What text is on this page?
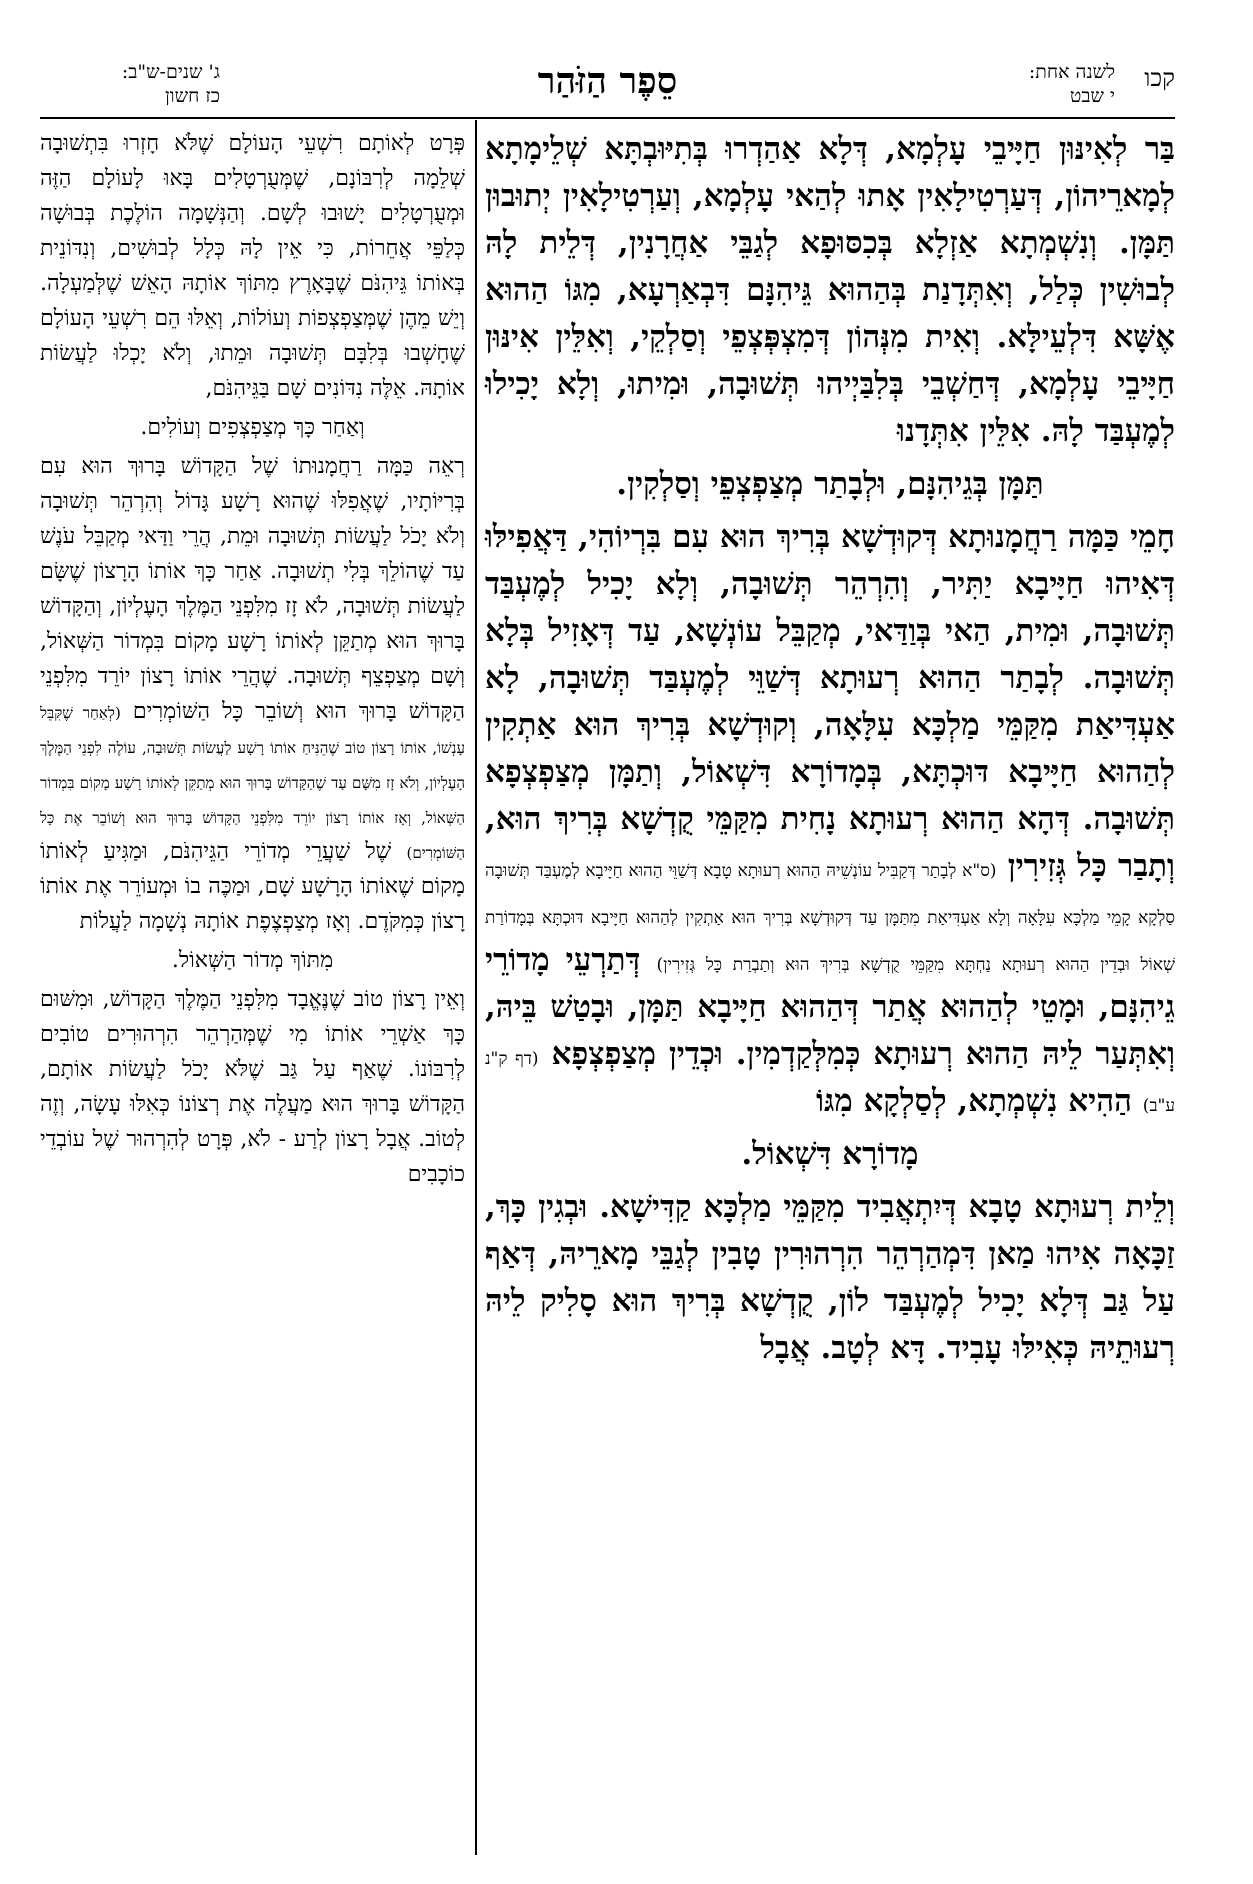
קכו
לשנה אחת:
י שבט
סֵפֶר הַזֹּהַר
ג' שנים-ש"ב:
כז חשון

בַּר לְאִינּוּן חַיָּיבֵי עָלְמָא, דְּלָא אַהַדְרוּ בְּתִיּוּבְתָּא שְׁלֵימָתָא לְמָארֵיהוֹן, דְּעַרְטִילָאִין אָתוּ לְהַאי עָלְמָא, וְעַרְטִילָאִין יְתוּבוּן תַּמָּן. וְנִשְׁמְתָא אַזְלָא בְּכִסּוּפָא לְגַבֵּי אַחֲרָנִין, דְּלֵית לָהּ לְבוּשִׁין כְּלַל, וְאִתְּדָנַת בְּהַהוּא גֵּיהִנָּם דִּבְאַרְעָא, מִגּוֹ הַהוּא אֶשָּׁא דִּלְעֵילָּא. וְאִית מִנְּהוֹן דְּמִצְפְּצְפֵי וְסַלְקֵי, וְאִלֵּין אִינּוּן חַיָּיבֵי עָלְמָא, דְּחַשְׁבֵי בְּלִבַּיְיהוּ תְּשׁוּבָה, וּמִיתוּ, וְלָא יָכִילוּ לְמֶעְבַּד לָהּ. אִלֵּין אִתְּדָנוּ

תַּמָּן בְּגֵיהִנָּם, וּלְבָתַר מְצַפְצְפֵי וְסַלְקִין.

חָמֵי כַּמָּה רַחֲמָנוּתָא דְּקוּדְשָׁא בְּרִיךְ הוּא עִם בִּרְיוֹהִי, דַּאֲפִילּוּ דְּאִיהוּ חַיָּיבָא יַתִּיר, וְהִרְהֵר תְּשׁוּבָה, וְלָא יָכִיל לְמֶעְבַּד תְּשׁוּבָה, וּמִית, הַאי בְּוַדַּאי, מְקַבֵּל עוֹנְשָׁא, עַד דְּאָזִיל בְּלָא תְּשׁוּבָה. לְבָתַר הַהוּא רְעוּתָא דְּשַׁוֵּי לְמֶעְבַּד תְּשׁוּבָה, לָא אַעְדִּיאַת מִקַּמֵּי מַלְכָּא עִלָּאָה, וְקוּדְשָׁא בְּרִיךְ הוּא אַתְקִין לְהַהוּא חַיָּיבָא דּוּכְתָּא, בְּמָדוֹרָא דִּשְׁאוֹל, וְתַמָּן מְצַפְצְפָא תְּשׁוּבָה. דְּהָא הַהוּא רְעוּתָא נָחִית מִקַּמֵּי קֻדְשָׁא בְּרִיךְ הוּא, וְתָבַר כָּל גְּזִירִין (ס"א לְבָתַר דְּקַבִּיל עוֹנְשֵׁיהּ הַהוּא רְעוּתָא טָבָא דְּשַׁוֵּי הַהוּא חַיָּיבָא לְמֶעְבַּד תְּשׁוּבָה סַלְקָא קָמֵי מַלְכָּא עִלָּאָה וְלָא אַעְדִּיאַת מִתַּמָּן עַד דְּקוּדְשָׁא בְּרִיךְ הוּא אַתְקִין לְהַהוּא חַיָּיבָא דּוּכְתָּא בְּמָדוֹרַת שְׁאוֹל וּבְדֵין הַהוּא רְעוּתָא נַחְתָּא מִקַּמֵּי קֻדְשָׁא בְּרִיךְ הוּא וְתַבְרַת כָּל גְּזִירִין) דְּתַרְעֵי מָדוֹרֵי גֵיהִנָּם, וּמָטֵי לְהַהוּא אֲתַר דְּהַהוּא חַיָּיבָא תַּמָּן, וּבָטַשׁ בֵּיהּ, וְאִתְּעַר לֵיהּ הַהוּא רְעוּתָא כְּמִלְּקַדְמִין. וּכְדֵין מְצַפְצְפָא (דף ק"נ ע"ב) הַהִיא נִשְׁמְתָא, לְסַלְקָא מִגּוֹ

מָדוֹרָא דִּשְׁאוֹל.

וְלֵית רְעוּתָא טָבָא דְּיִתְאֲבִיד מִקַּמֵּי מַלְכָּא קַדִּישָׁא. וּבְגִין כָּךְ, זַכָּאָה אִיהוּ מַאן דִּמְהַרְהֵר הִרְהוּרִין טָבִין לְגַבֵּי מָארֵיהּ, דְּאַף עַל גַּב דְּלָא יָכִיל לְמֶעְבַּד לוֹן, קֻדְשָׁא בְּרִיךְ הוּא סָלִיק לֵיהּ רְעוּתֵיהּ כְּאִילּוּ עָבִיד. דָּא לְטָב. אֲבָל

פְּרָט לְאוֹתָם רִשְׁעֵי הָעוֹלָם שֶׁלֹּא חָזְרוּ בִּתְשׁוּבָה שְׁלֵמָה לְרִבּוֹנָם, שֶׁמְּעֻרְטָלִים בָּאוּ לָעוֹלָם הַזֶּה וּמְעֻרְטָלִים יָשׁוּבוּ לְשָׁם. וְהַנְּשָׁמָה הוֹלֶכֶת בְּבוּשָׁה כְּלַפֵּי אֲחֵרוֹת, כִּי אֵין לָהּ כְּלָל לְבוּשִׁים, וְנִדּוֹנֵית בְּאוֹתוֹ גֵּיהִנֹּם שֶׁבָּאָרֶץ מִתּוֹךְ אוֹתָהּ הָאֵשׁ שֶׁלְּמַעְלָה. וְיֵשׁ מֵהֶן שֶׁמְּצַפְצְפוֹת וְעוֹלוֹת, וְאֵלּוּ הֵם רִשְׁעֵי הָעוֹלָם שֶׁחָשְׁבוּ בְּלִבָּם תְּשׁוּבָה וּמֵתוּ, וְלֹא יָכְלוּ לַעֲשׂוֹת אוֹתָהּ. אֵלֶּה נִדּוֹנִים שָׁם בַּגֵּיהִנֹּם,

וְאַחַר כָּךְ מְצַפְצְפִים וְעוֹלִים.

רְאֵה כַּמָּה רַחֲמָנוּתוֹ שֶׁל הַקָּדוֹשׁ בָּרוּךְ הוּא עִם בְּרִיּוֹתָיו, שֶׁאֲפִלּוּ שֶׁהוּא רָשָׁע גָּדוֹל וְהִרְהֵר תְּשׁוּבָה וְלֹא יָכֹל לַעֲשׂוֹת תְּשׁוּבָה וּמֵת, הֲרֵי וַדַּאי מְקַבֵּל עֹנֶשׁ עַד שֶׁהוֹלֵךְ בְּלִי תְשׁוּבָה. אַחַר כָּךְ אוֹתוֹ הָרָצוֹן שֶׁשָּׂם לַעֲשׂוֹת תְּשׁוּבָה, לֹא זָז מִלִּפְנֵי הַמֶּלֶךְ הָעֶלְיוֹן, וְהַקָּדוֹשׁ בָּרוּךְ הוּא מְתַקֵּן לְאוֹתוֹ רָשָׁע מָקוֹם בִּמְדוֹר הַשְּׁאוֹל, וְשָׁם מְצַפְצֵף תְּשׁוּבָה. שֶׁהֲרֵי אוֹתוֹ רָצוֹן יוֹרֵד מִלִּפְנֵי הַקָּדוֹשׁ בָּרוּךְ הוּא וְשׁוֹבֵר כָּל הַשּׁוֹמְרִים (לְאַחַר שֶׁקִּבֵּל עָנְשׁוֹ, אוֹתוֹ רָצוֹן טוֹב שֶׁהֵנִּיחַ אוֹתוֹ רָשָׁע לַעֲשׂוֹת תְּשׁוּבָה, עוֹלֶה לִפְנֵי הַמֶּלֶךְ הָעֶלְיוֹן, וְלֹא זָז מִשָּׁם עַד שֶׁהַקָּדוֹשׁ בָּרוּךְ הוּא מְתַקֵּן לְאוֹתוֹ רָשָׁע מָקוֹם בִּמְדוֹר הַשְּׁאוֹל, וְאָז אוֹתוֹ רָצוֹן יוֹרֵד מִלִּפְנֵי הַקָּדוֹשׁ בָּרוּךְ הוּא וְשׁוֹבֵר אֶת כָּל הַשּׁוֹמְרִים) שֶׁל שַׁעֲרֵי מְדוֹרֵי הַגֵּיהִנֹּם, וּמַגִּיעַ לְאוֹתוֹ מָקוֹם שֶׁאוֹתוֹ הָרָשָׁע שָׁם, וּמַכֶּה בוֹ וּמְעוֹרֵר אֶת אוֹתוֹ רָצוֹן כְּמִקֹּדֶם. וְאָז מְצַפְצֶפֶת אוֹתָהּ נְשָׁמָה לַעֲלוֹת

מִתּוֹךְ מְדוֹר הַשְּׁאוֹל.

וְאֵין רָצוֹן טוֹב שֶׁנֶּאֱבָד מִלִּפְנֵי הַמֶּלֶךְ הַקָּדוֹשׁ, וּמִשּׁוּם כָּךְ אַשְׁרֵי אוֹתוֹ מִי שֶׁמְּהַרְהֵר הִרְהוּרִים טוֹבִים לְרִבּוֹנוֹ. שֶׁאַף עַל גַּב שֶׁלֹּא יָכֹל לַעֲשׂוֹת אוֹתָם, הַקָּדוֹשׁ בָּרוּךְ הוּא מַעֲלֶה אֶת רְצוֹנוֹ כְּאִלּוּ עָשָׂה, וְזֶה לְטוֹב. אֲבָל רָצוֹן לְרַע - לֹא, פְּרָט לְהִרְהוּר שֶׁל עוֹבְדֵי כוֹכָבִים
